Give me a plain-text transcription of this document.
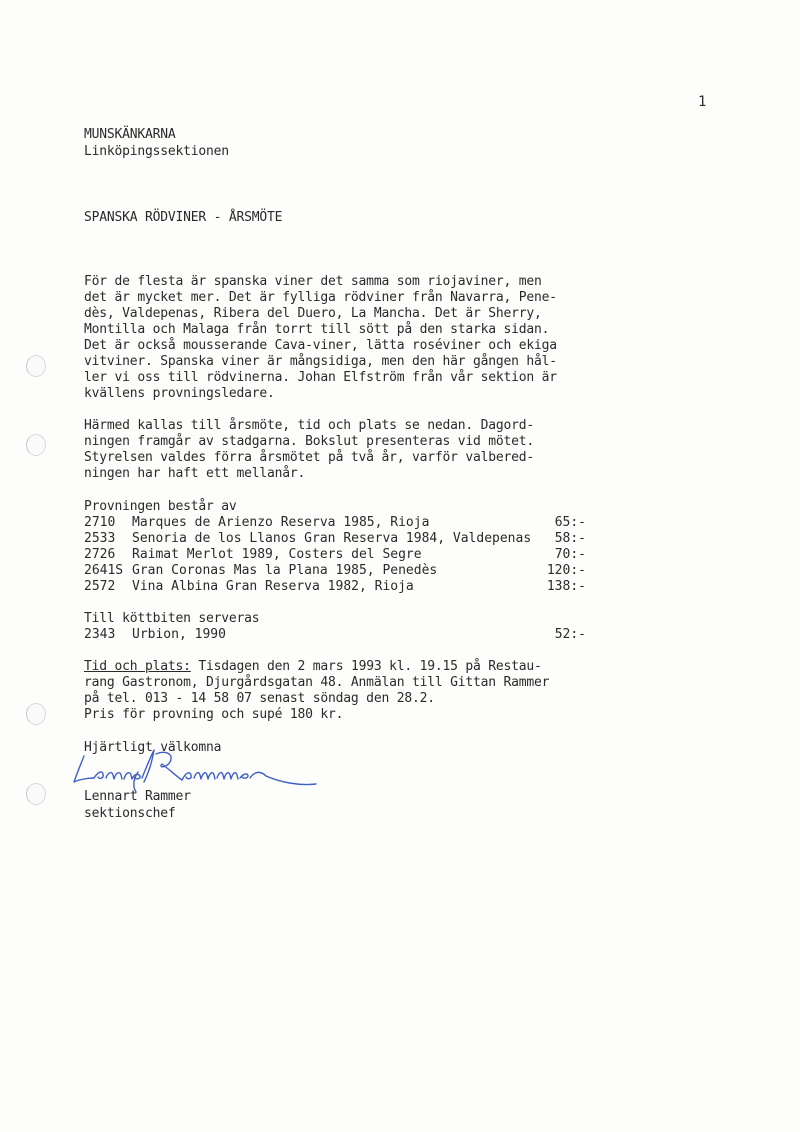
1
MUNSKÄNKARNA
Linköpingssektionen
SPANSKA RÖDVINER - ÅRSMÖTE
För de flesta är spanska viner det samma som riojaviner, men
det är mycket mer. Det är fylliga rödviner från Navarra, Pene-
dès, Valdepenas, Ribera del Duero, La Mancha. Det är Sherry,
Montilla och Malaga från torrt till sött på den starka sidan.
Det är också mousserande Cava-viner, lätta roséviner och ekiga
vitviner. Spanska viner är mångsidiga, men den här gången hål-
ler vi oss till rödvinerna. Johan Elfström från vår sektion är
kvällens provningsledare.
Härmed kallas till årsmöte, tid och plats se nedan. Dagord-
ningen framgår av stadgarna. Bokslut presenteras vid mötet.
Styrelsen valdes förra årsmötet på två år, varför valbered-
ningen har haft ett mellanår.
Provningen består av
2710	Marques de Arienzo Reserva 1985, Rioja	65:-
2533	Senoria de los Llanos Gran Reserva 1984, Valdepenas 58:-
2726	Raimat Merlot 1989, Costers del Segre	70:-
2641S Gran Coronas Mas la Plana 1985, Penedès	120:-
2572	Vina Albina Gran Reserva 1982, Rioja	138:-
Till köttbiten serveras
2343	Urbion, 1990	52:-
Tid och plats: Tisdagen den 2 mars 1993 kl. 19.15 på Restau-
rang Gastronom, Djurgårdsgatan 48. Anmälan till Gittan Rammer
på tel. 013 - 14 58 07 senast söndag den 28.2.
Pris för provning och supé 180 kr.
Hjärtligt välkomna
Lennart Rammer
sektionschef
